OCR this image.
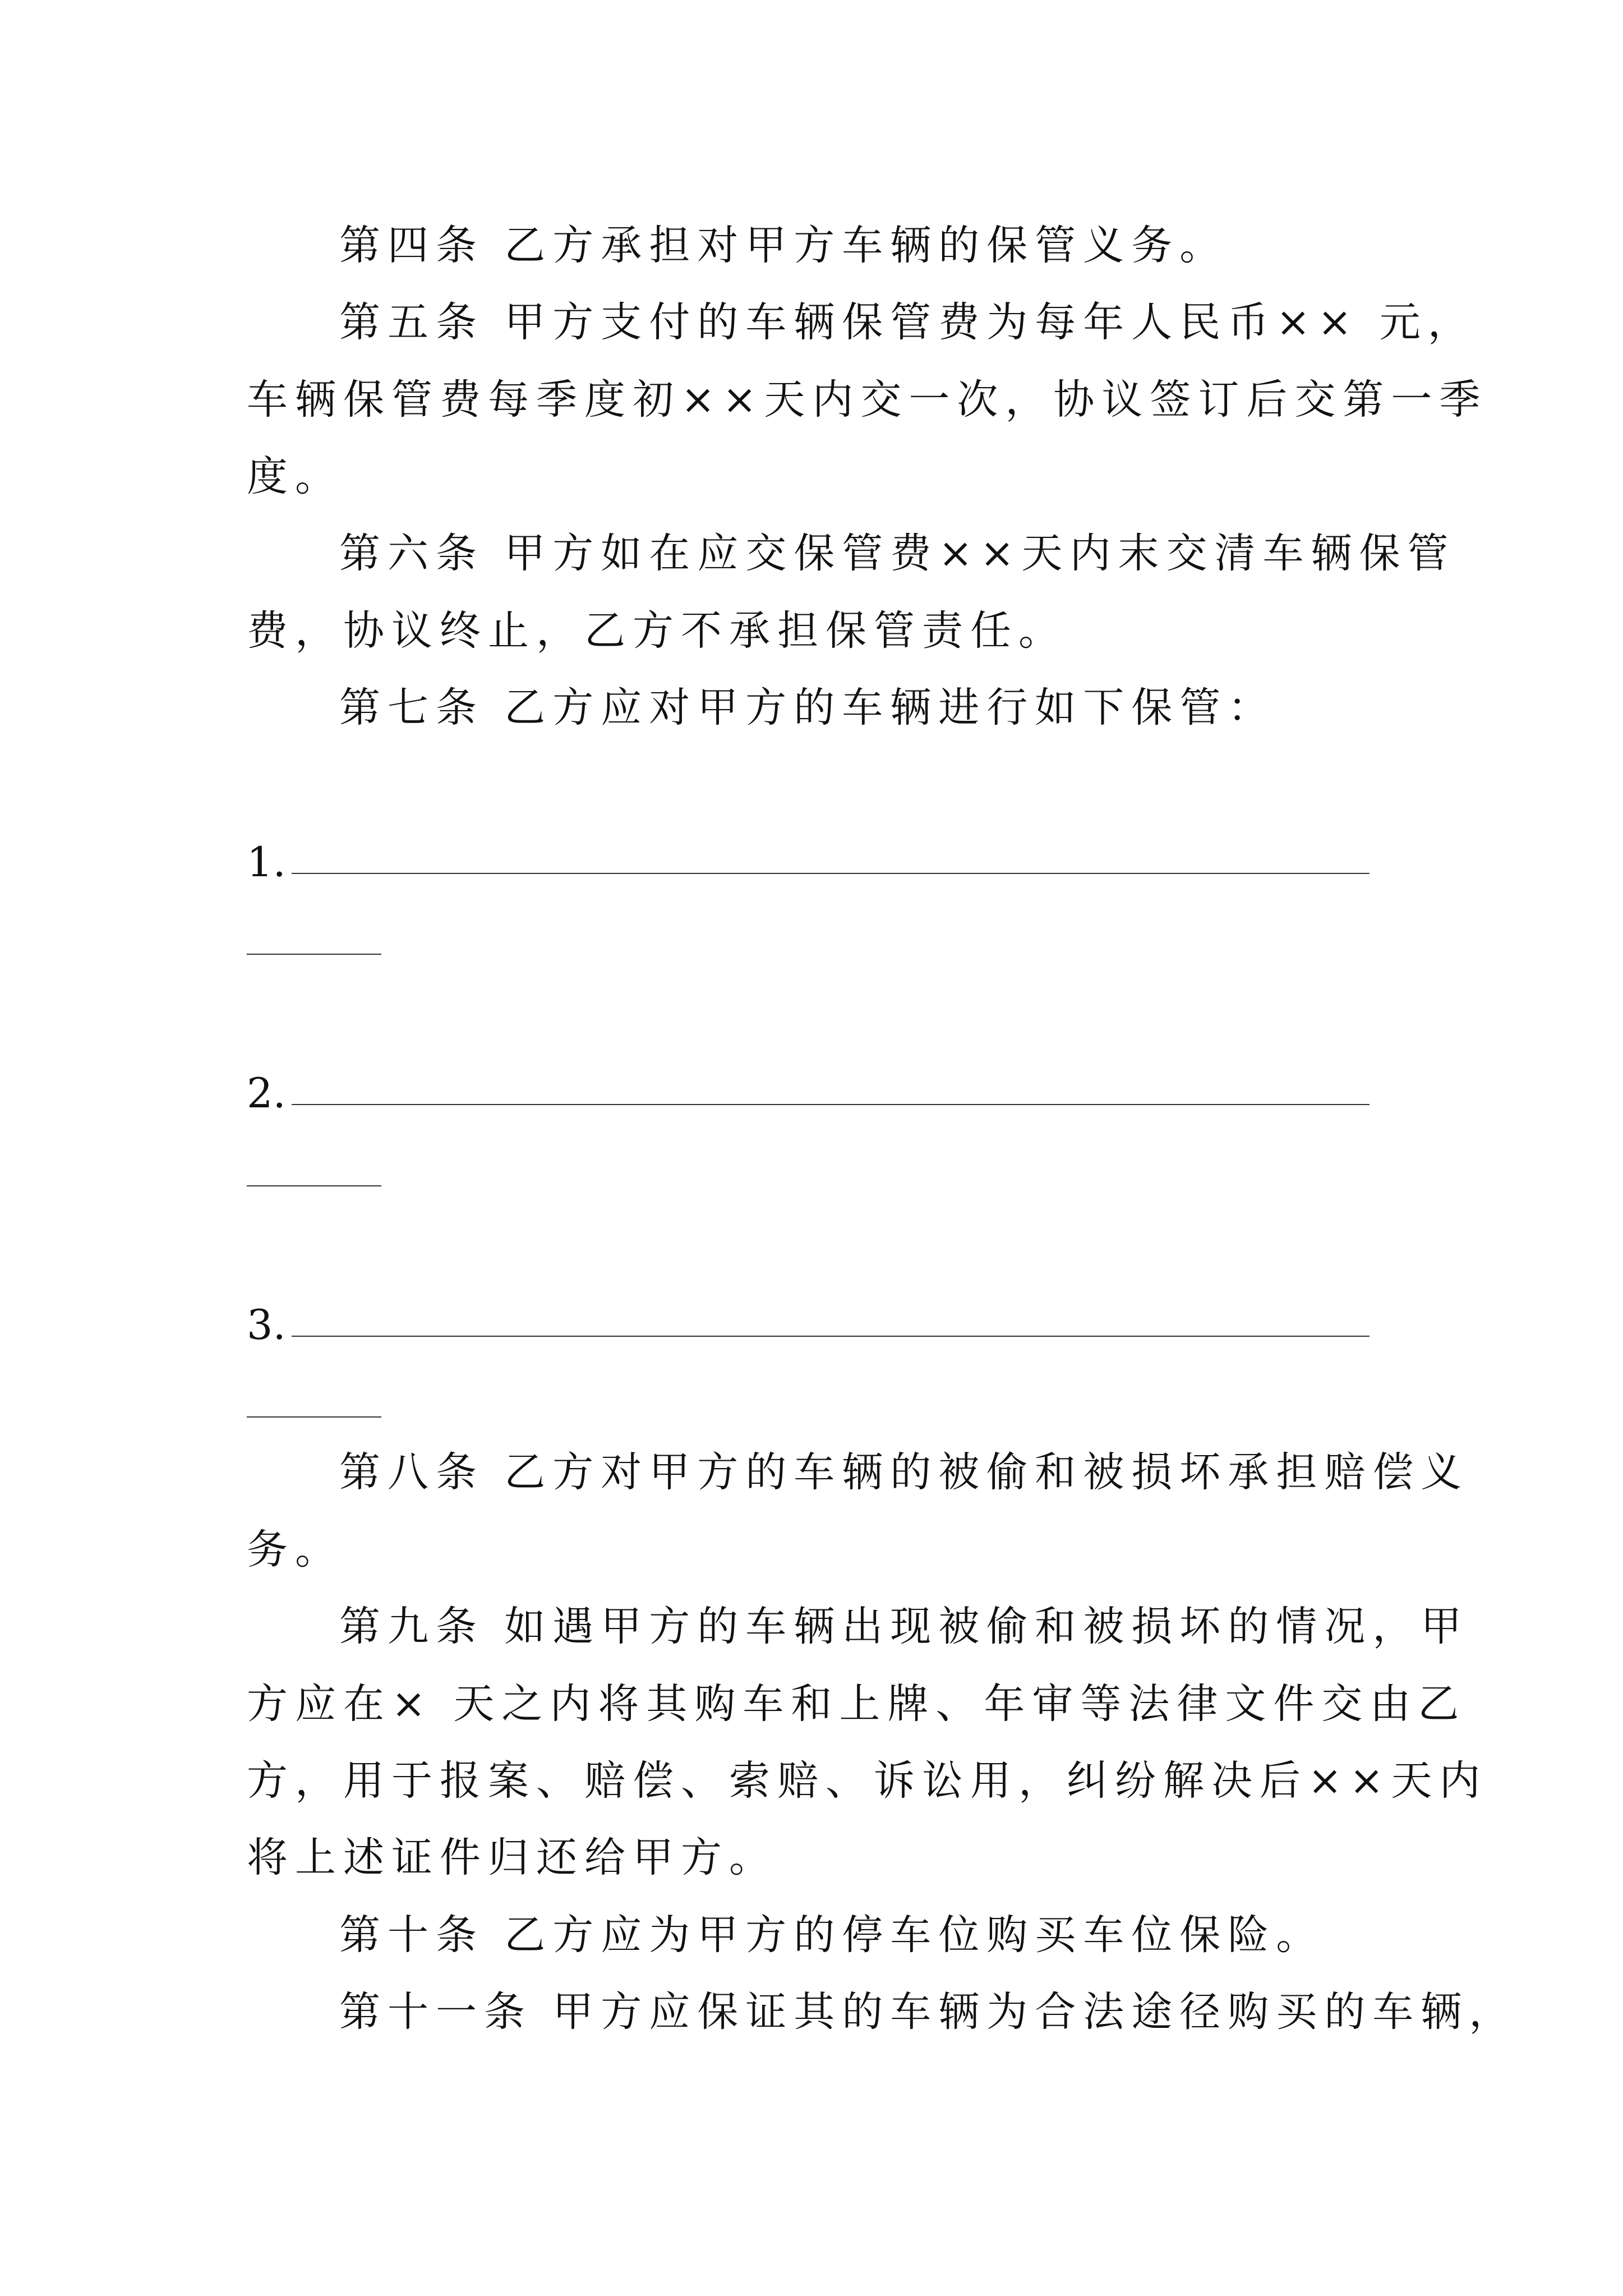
第四条 乙方承担对甲方车辆的保管义务。
第五条 甲方支付的车辆保管费为每年人民币×× 元，
车辆保管费每季度初××天内交一次，协议签订后交第一季
度。
第六条 甲方如在应交保管费××天内末交清车辆保管
费，协议终止，乙方不承担保管责任。
第七条 乙方应对甲方的车辆进行如下保管：
1.
2.
3.
第八条 乙方对甲方的车辆的被偷和被损坏承担赔偿义
务。
第九条 如遇甲方的车辆出现被偷和被损坏的情况，甲
方应在× 天之内将其购车和上牌、年审等法律文件交由乙
方，用于报案、赔偿、索赔、诉讼用，纠纷解决后××天内
将上述证件归还给甲方。
第十条 乙方应为甲方的停车位购买车位保险。
第十一条 甲方应保证其的车辆为合法途径购买的车辆，
